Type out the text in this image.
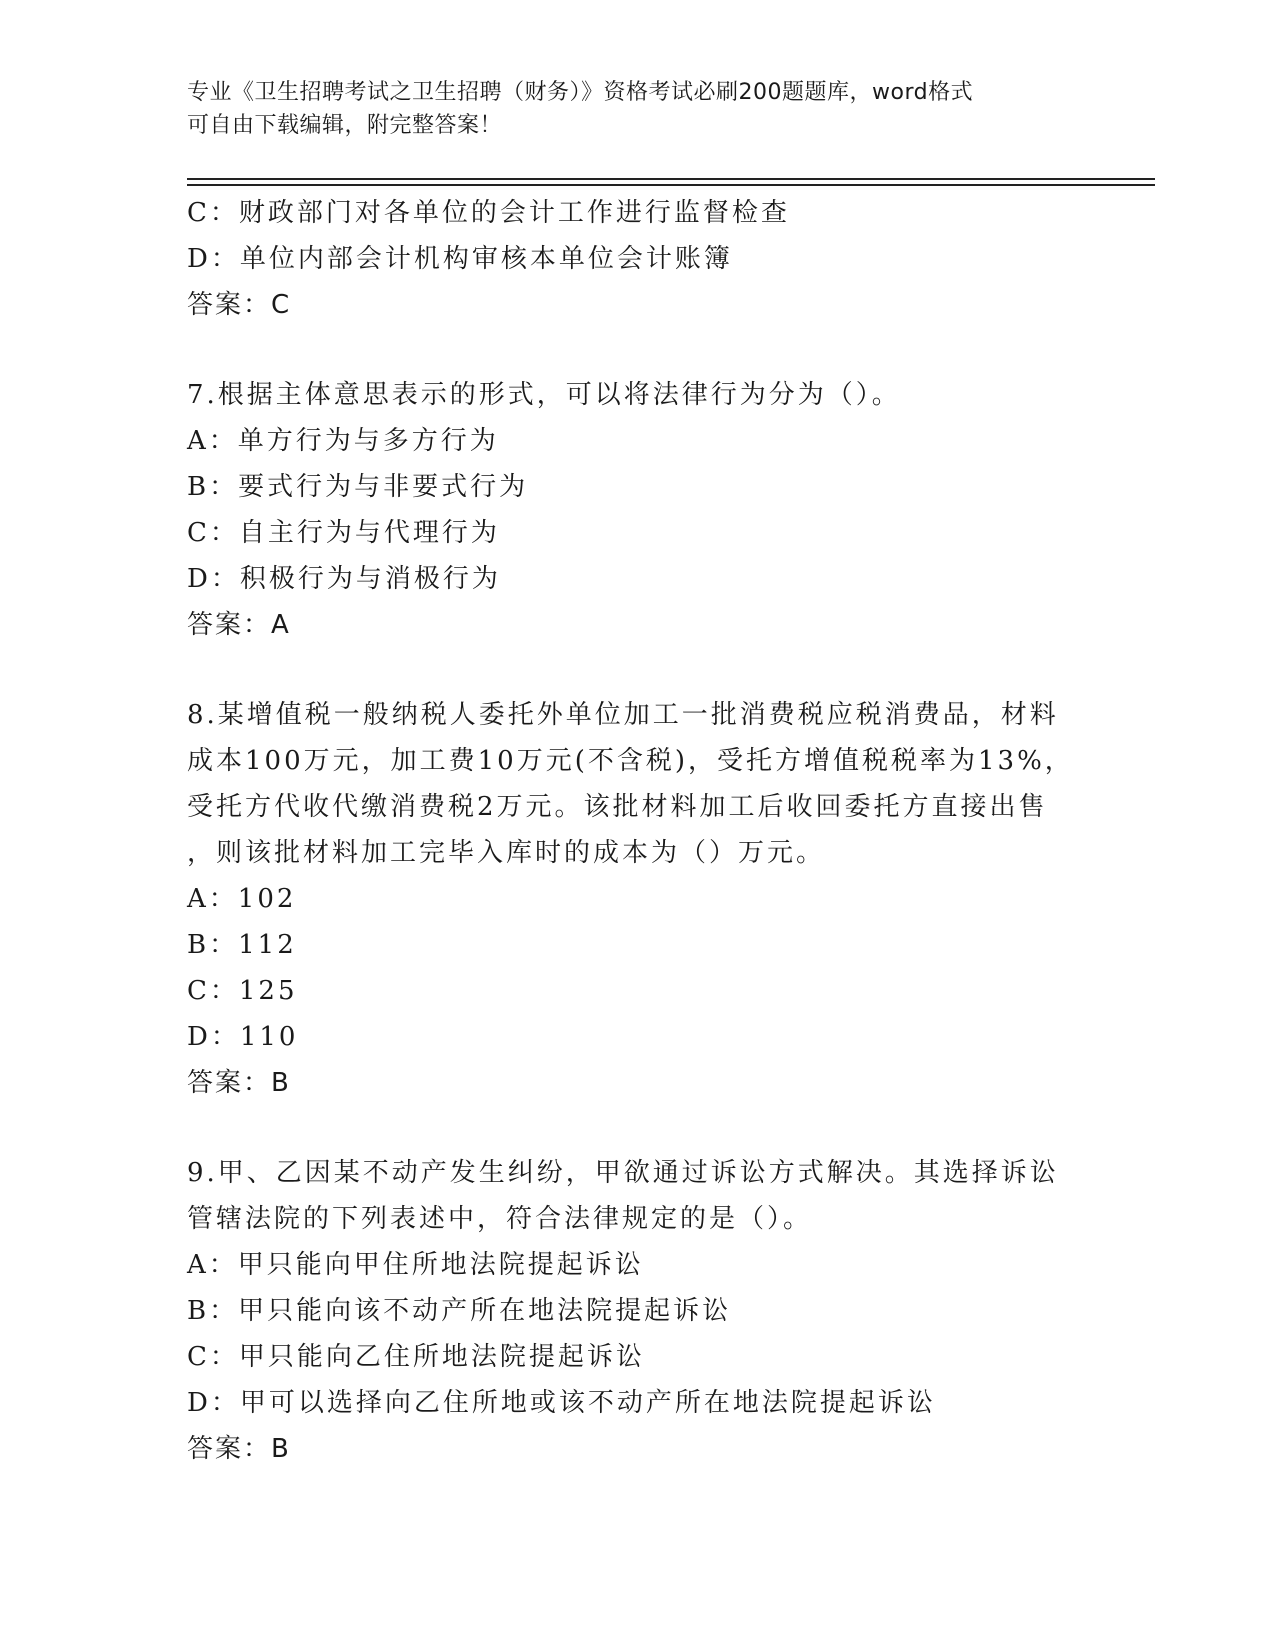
专业《卫生招聘考试之卫生招聘（财务）》资格考试必刷200题题库，word格式
可自由下载编辑，附完整答案！
C：财政部门对各单位的会计工作进行监督检查
D：单位内部会计机构审核本单位会计账簿
答案：C
7.根据主体意思表示的形式，可以将法律行为分为（）。
A：单方行为与多方行为
B：要式行为与非要式行为
C：自主行为与代理行为
D：积极行为与消极行为
答案：A
8.某增值税一般纳税人委托外单位加工一批消费税应税消费品，材料
成本100万元，加工费10万元(不含税)，受托方增值税税率为13%，
受托方代收代缴消费税2万元。该批材料加工后收回委托方直接出售
，则该批材料加工完毕入库时的成本为（）万元。
A：102
B：112
C：125
D：110
答案：B
9.甲、乙因某不动产发生纠纷，甲欲通过诉讼方式解决。其选择诉讼
管辖法院的下列表述中，符合法律规定的是（）。
A：甲只能向甲住所地法院提起诉讼
B：甲只能向该不动产所在地法院提起诉讼
C：甲只能向乙住所地法院提起诉讼
D：甲可以选择向乙住所地或该不动产所在地法院提起诉讼
答案：B
